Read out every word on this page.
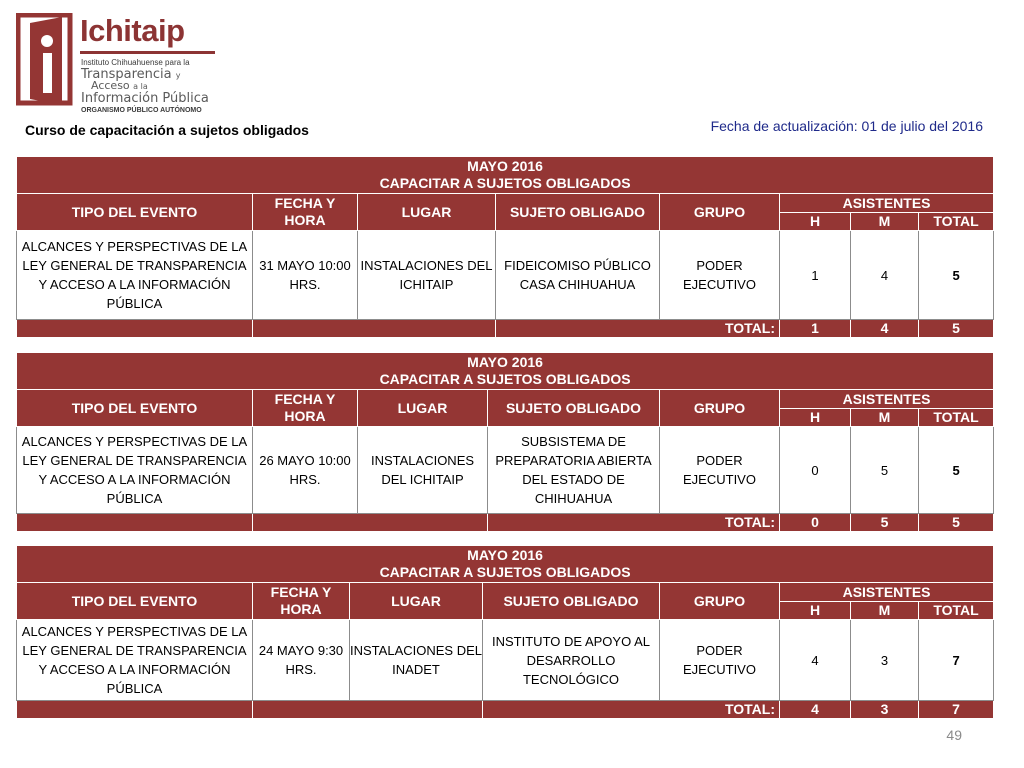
Ichitaip
Instituto Chihuahuense para la
Transparencia y
Acceso a la
Información Pública
ORGANISMO PÚBLICO AUTÓNOMO
Curso de capacitación a sujetos obligados	Fecha de actualización: 01 de julio del 2016
MAYO 2016
CAPACITAR A SUJETOS OBLIGADOS							

TIPO DEL EVENTO	FECHA Y HORA	LUGAR	SUJETO OBLIGADO	GRUPO	ASISTENTES		
					H	M	TOTAL
ALCANCES Y PERSPECTIVAS DE LA LEY GENERAL DE TRANSPARENCIA Y ACCESO A LA INFORMACIÓN PÚBLICA	31 MAYO 10:00 HRS.	INSTALACIONES DEL ICHITAIP	FIDEICOMISO PÚBLICO CASA CHIHUAHUA	PODER EJECUTIVO	1	4	5
			TOTAL:		1	4	5
MAYO 2016
CAPACITAR A SUJETOS OBLIGADOS							

TIPO DEL EVENTO	FECHA Y HORA	LUGAR	SUJETO OBLIGADO	GRUPO	ASISTENTES		
					H	M	TOTAL
ALCANCES Y PERSPECTIVAS DE LA LEY GENERAL DE TRANSPARENCIA Y ACCESO A LA INFORMACIÓN PÚBLICA	26 MAYO 10:00 HRS.	INSTALACIONES DEL ICHITAIP	SUBSISTEMA DE PREPARATORIA ABIERTA DEL ESTADO DE CHIHUAHUA	PODER EJECUTIVO	0	5	5
			TOTAL:		0	5	5
MAYO 2016
CAPACITAR A SUJETOS OBLIGADOS							

TIPO DEL EVENTO	FECHA Y HORA	LUGAR	SUJETO OBLIGADO	GRUPO	ASISTENTES		
					H	M	TOTAL
ALCANCES Y PERSPECTIVAS DE LA LEY GENERAL DE TRANSPARENCIA Y ACCESO A LA INFORMACIÓN PÚBLICA	24 MAYO 9:30 HRS.	INSTALACIONES DEL INADET	INSTITUTO DE APOYO AL DESARROLLO TECNOLÓGICO	PODER EJECUTIVO	4	3	7
			TOTAL:		4	3	7
49
